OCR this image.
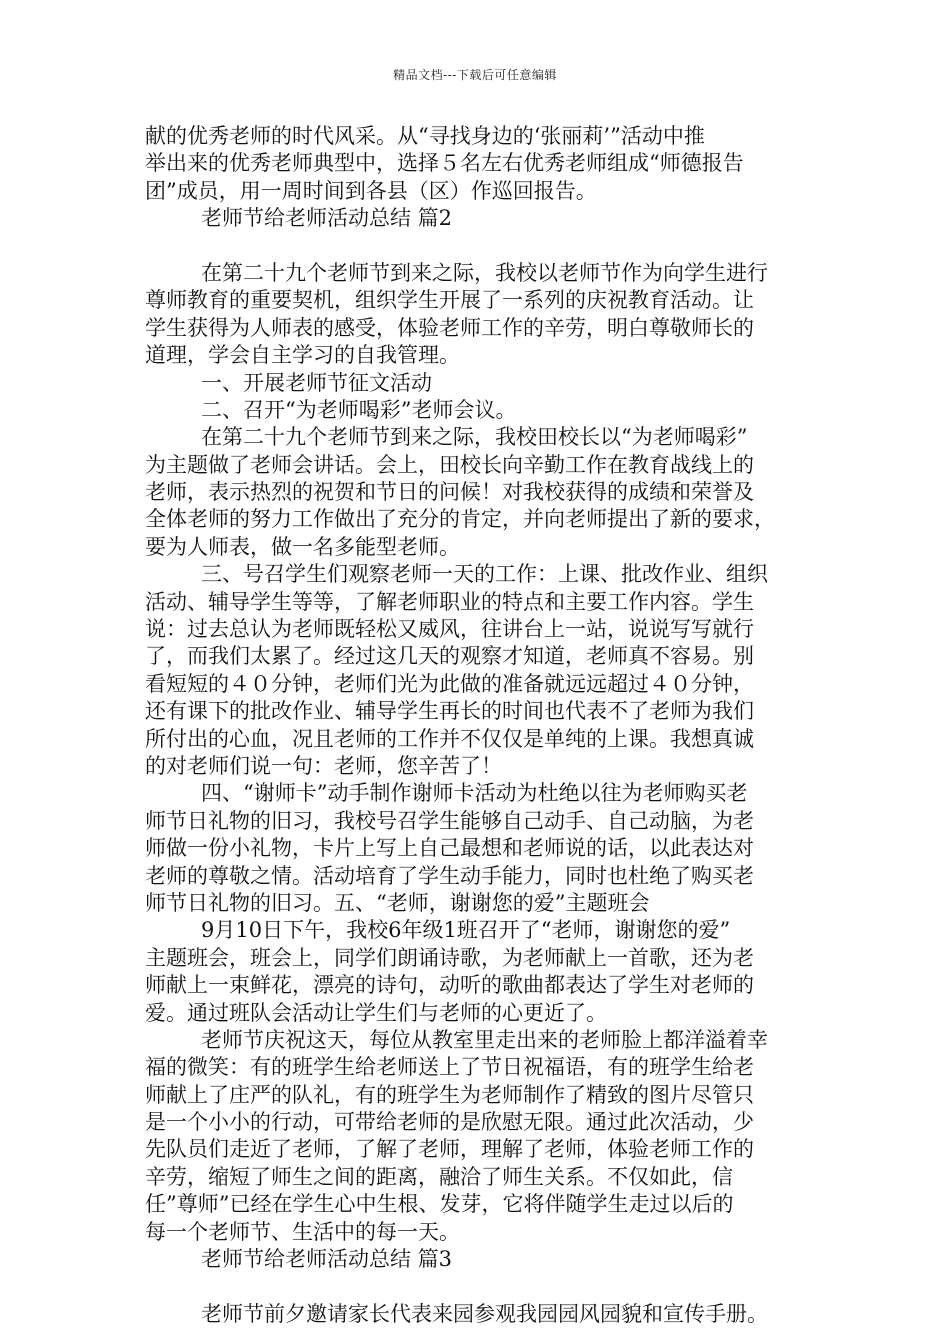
精品文档---下载后可任意编辑
献的优秀老师的时代风采。从“寻找身边的‘张丽莉’”活动中推
举出来的优秀老师典型中，选择５名左右优秀老师组成“师德报告
团”成员，用一周时间到各县（区）作巡回报告。
老师节给老师活动总结 篇2
在第二十九个老师节到来之际，我校以老师节作为向学生进行
尊师教育的重要契机，组织学生开展了一系列的庆祝教育活动。让
学生获得为人师表的感受，体验老师工作的辛劳，明白尊敬师长的
道理，学会自主学习的自我管理。
一、开展老师节征文活动
二、召开“为老师喝彩”老师会议。
在第二十九个老师节到来之际，我校田校长以“为老师喝彩”
为主题做了老师会讲话。会上，田校长向辛勤工作在教育战线上的
老师，表示热烈的祝贺和节日的问候！对我校获得的成绩和荣誉及
全体老师的努力工作做出了充分的肯定，并向老师提出了新的要求，
要为人师表，做一名多能型老师。
三、号召学生们观察老师一天的工作：上课、批改作业、组织
活动、辅导学生等等，了解老师职业的特点和主要工作内容。学生
说：过去总认为老师既轻松又威风，往讲台上一站，说说写写就行
了，而我们太累了。经过这几天的观察才知道，老师真不容易。别
看短短的４０分钟，老师们光为此做的准备就远远超过４０分钟，
还有课下的批改作业、辅导学生再长的时间也代表不了老师为我们
所付出的心血，况且老师的工作并不仅仅是单纯的上课。我想真诚
的对老师们说一句：老师，您辛苦了！
四、“谢师卡”动手制作谢师卡活动为杜绝以往为老师购买老
师节日礼物的旧习，我校号召学生能够自己动手、自己动脑，为老
师做一份小礼物，卡片上写上自己最想和老师说的话，以此表达对
老师的尊敬之情。活动培育了学生动手能力，同时也杜绝了购买老
师节日礼物的旧习。五、“老师，谢谢您的爱”主题班会
9月10日下午，我校6年级1班召开了“老师，谢谢您的爱”
主题班会，班会上，同学们朗诵诗歌，为老师献上一首歌，还为老
师献上一束鲜花，漂亮的诗句，动听的歌曲都表达了学生对老师的
爱。通过班队会活动让学生们与老师的心更近了。
老师节庆祝这天，每位从教室里走出来的老师脸上都洋溢着幸
福的微笑：有的班学生给老师送上了节日祝福语，有的班学生给老
师献上了庄严的队礼，有的班学生为老师制作了精致的图片尽管只
是一个小小的行动，可带给老师的是欣慰无限。通过此次活动，少
先队员们走近了老师，了解了老师，理解了老师，体验老师工作的
辛劳，缩短了师生之间的距离，融洽了师生关系。不仅如此，信
任”尊师”已经在学生心中生根、发芽，它将伴随学生走过以后的
每一个老师节、生活中的每一天。
老师节给老师活动总结 篇3
老师节前夕邀请家长代表来园参观我园园风园貌和宣传手册。
